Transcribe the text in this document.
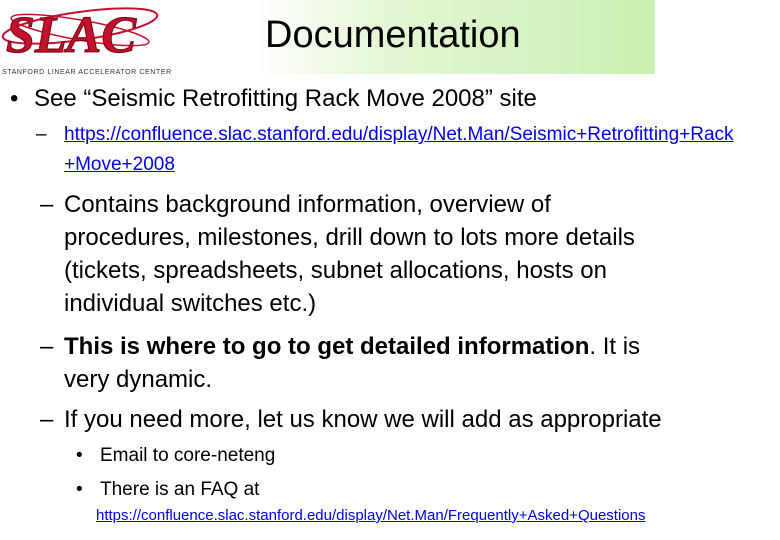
SLAC
STANFORD LINEAR ACCELERATOR CENTER
Documentation
• See “Seismic Retrofitting Rack Move 2008” site
– https://confluence.slac.stanford.edu/display/Net.Man/Seismic+Retrofitting+Rack
+Move+2008
– Contains background information, overview of
procedures, milestones, drill down to lots more details
(tickets, spreadsheets, subnet allocations, hosts on
individual switches etc.)
– This is where to go to get detailed information. It is
very dynamic.
– If you need more, let us know we will add as appropriate
• Email to core-neteng
• There is an FAQ at
https://confluence.slac.stanford.edu/display/Net.Man/Frequently+Asked+Questions
